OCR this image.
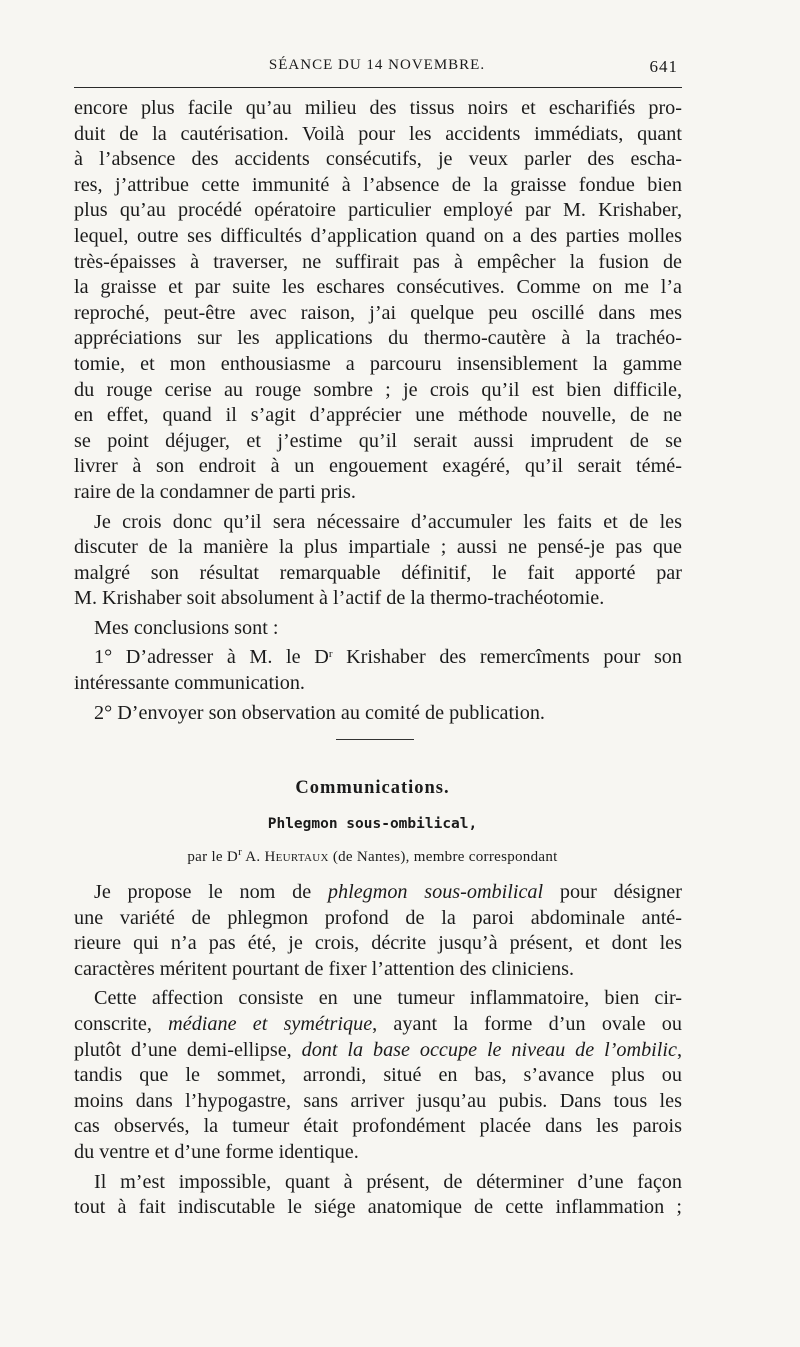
SÉANCE DU 14 NOVEMBRE.	641

encore plus facile qu’au milieu des tissus noirs et escharifiés pro-
duit de la cautérisation. Voilà pour les accidents immédiats, quant
à l’absence des accidents consécutifs, je veux parler des escha-
res, j’attribue cette immunité à l’absence de la graisse fondue bien
plus qu’au procédé opératoire particulier employé par M. Krishaber,
lequel, outre ses difficultés d’application quand on a des parties molles
très-épaisses à traverser, ne suffirait pas à empêcher la fusion de
la graisse et par suite les eschares consécutives. Comme on me l’a
reproché, peut-être avec raison, j’ai quelque peu oscillé dans mes
appréciations sur les applications du thermo-cautère à la trachéo-
tomie, et mon enthousiasme a parcouru insensiblement la gamme
du rouge cerise au rouge sombre ; je crois qu’il est bien difficile,
en effet, quand il s’agit d’apprécier une méthode nouvelle, de ne
se point déjuger, et j’estime qu’il serait aussi imprudent de se
livrer à son endroit à un engouement exagéré, qu’il serait témé-
raire de la condamner de parti pris.

Je crois donc qu’il sera nécessaire d’accumuler les faits et de les
discuter de la manière la plus impartiale ; aussi ne pensé-je pas que
malgré son résultat remarquable définitif, le fait apporté par
M. Krishaber soit absolument à l’actif de la thermo-trachéotomie.

Mes conclusions sont :

1° D’adresser à M. le $D^r$ Krishaber des remercîments pour son
intéressante communication.

2° D’envoyer son observation au comité de publication.

Communications.
Phlegmon sous-ombilical,
par le $D^r$ A. Heurtaux (de Nantes), membre correspondant

Je propose le nom de phlegmon sous-ombilical pour désigner

une variété de phlegmon profond de la paroi abdominale anté-
rieure qui n’a pas été, je crois, décrite jusqu’à présent, et dont les
caractères méritent pourtant de fixer l’attention des cliniciens.

Cette affection consiste en une tumeur inflammatoire, bien cir-
conscrite, médiane et symétrique, ayant la forme d’un ovale ou
plutôt d’une demi-ellipse, dont la base occupe le niveau de l’ombilic,
tandis que le sommet, arrondi, situé en bas, s’avance plus ou
moins dans l’hypogastre, sans arriver jusqu’au pubis. Dans tous les
cas observés, la tumeur était profondément placée dans les parois
du ventre et d’une forme identique.

Il m’est impossible, quant à présent, de déterminer d’une façon
tout à fait indiscutable le siége anatomique de cette inflammation ;
